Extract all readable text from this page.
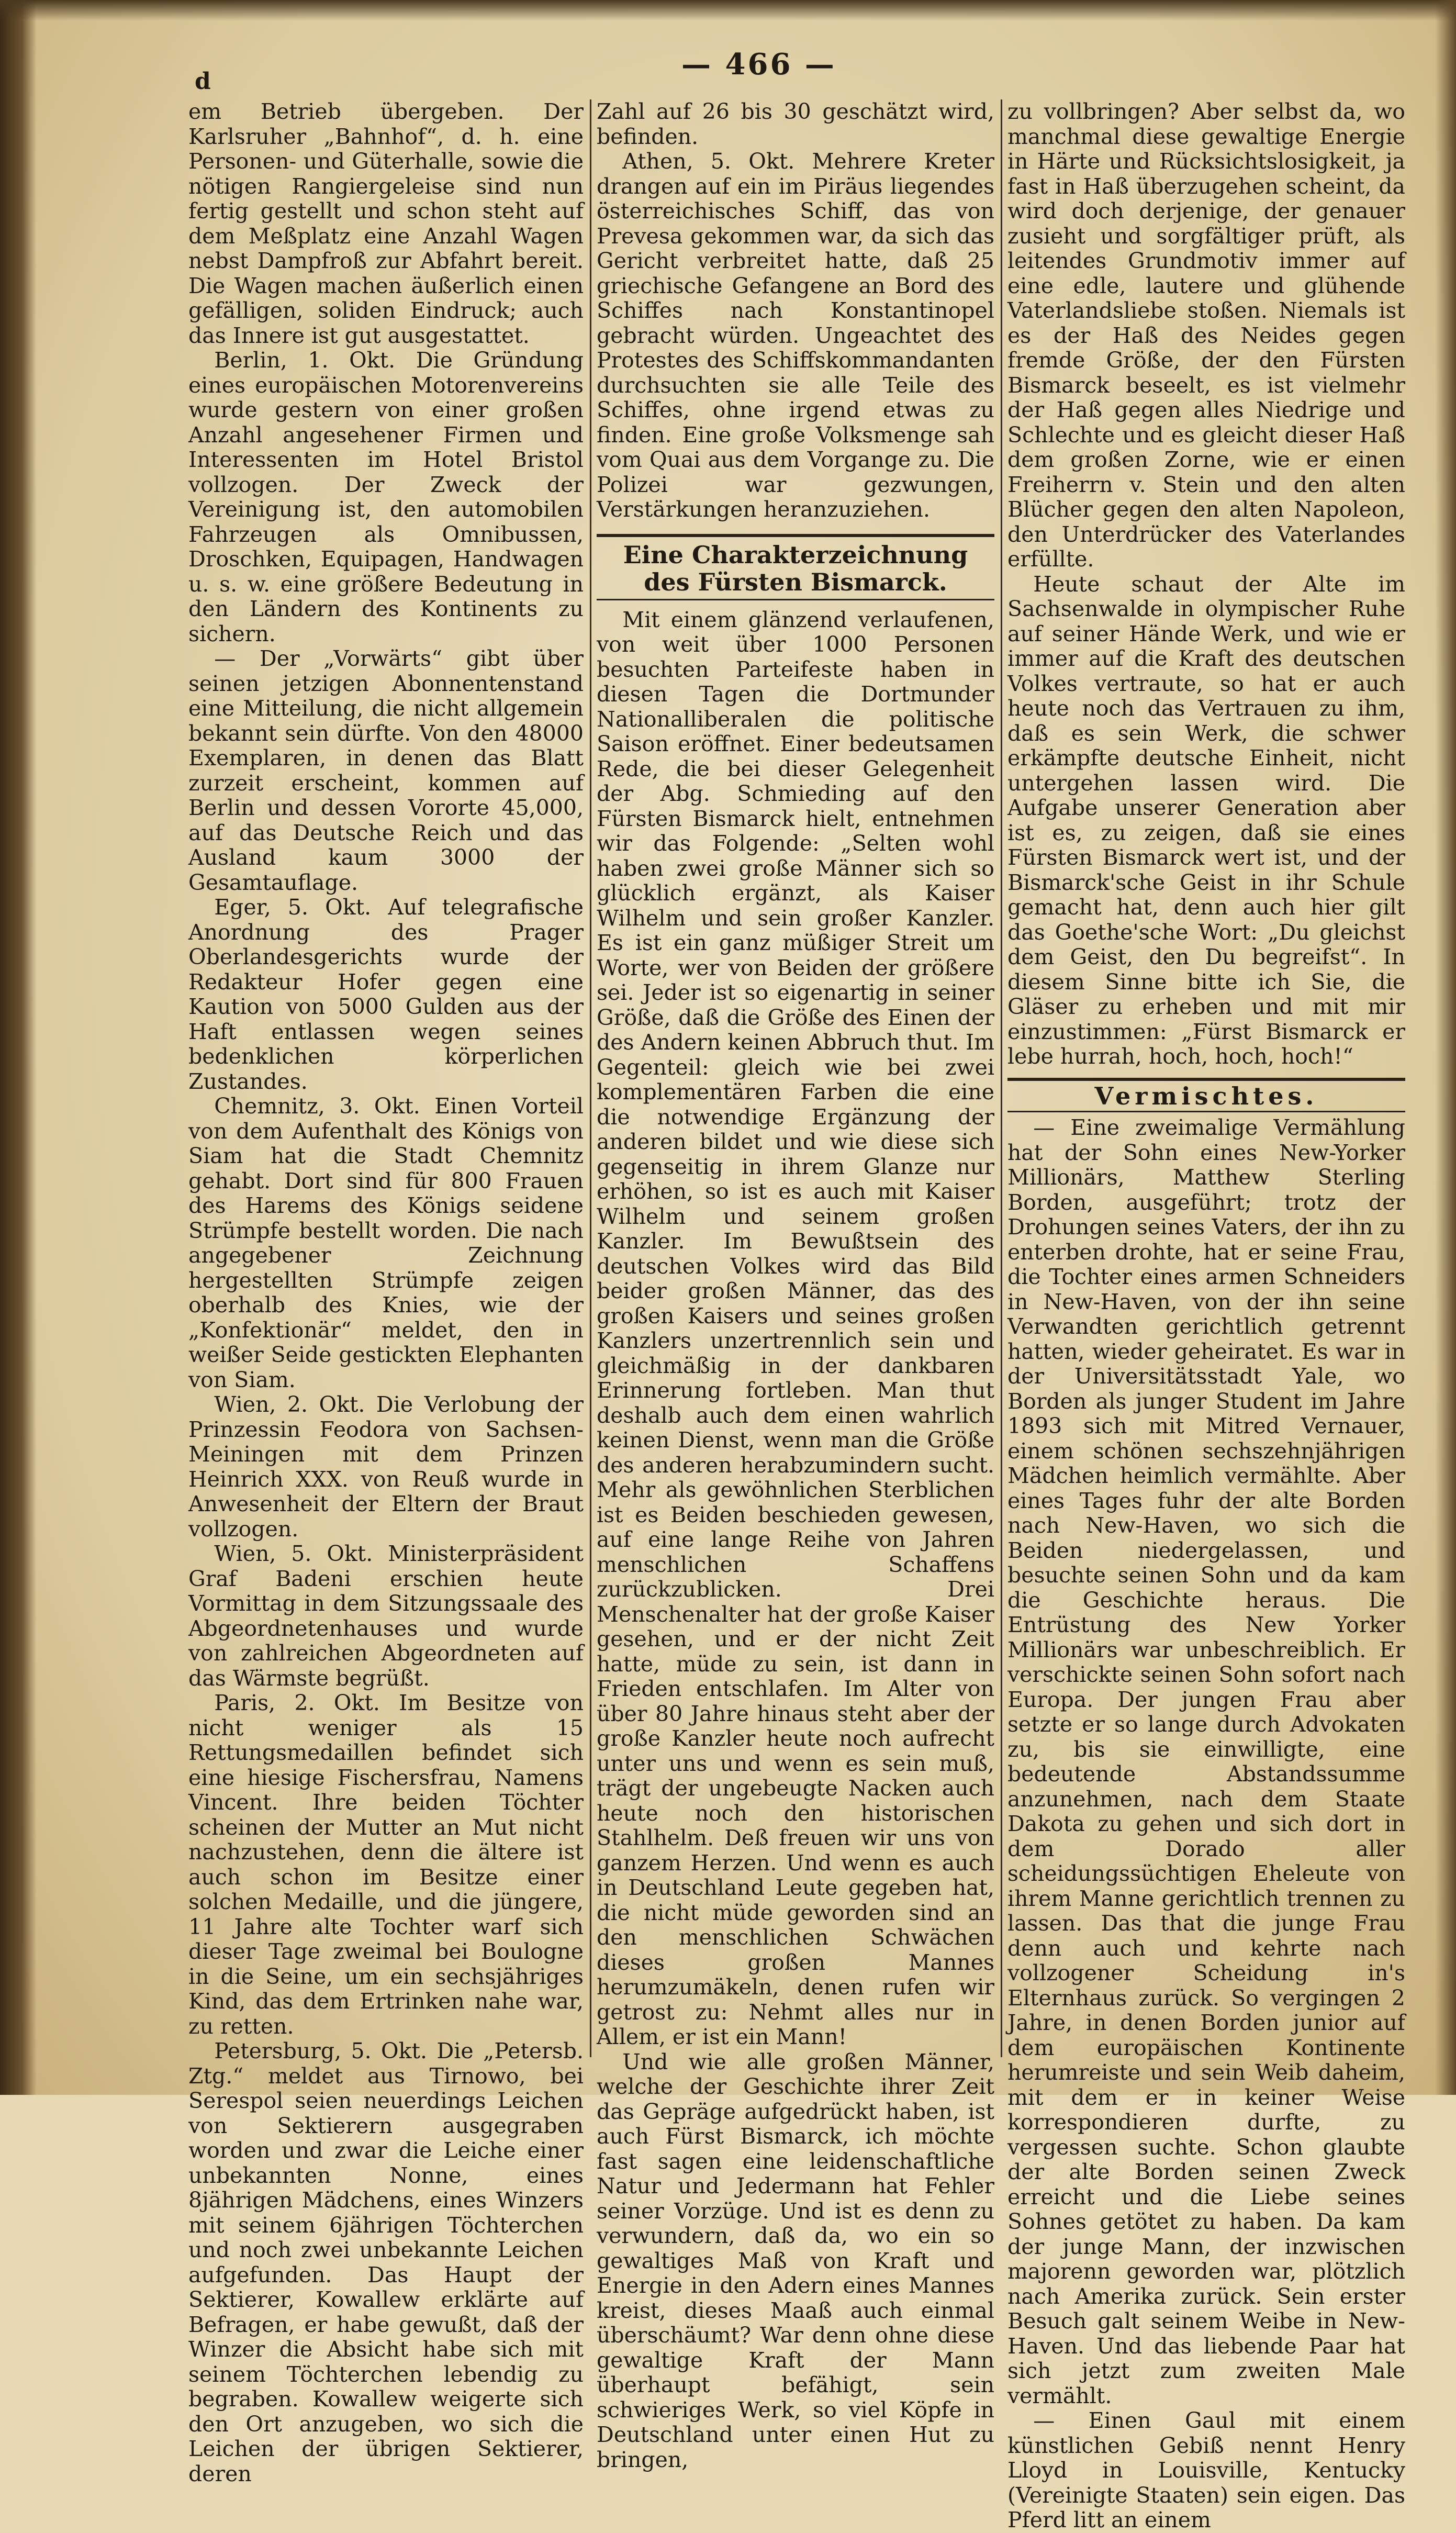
d	— 466 —

em Betrieb übergeben. Der Karlsruher „Bahnhof“, d. h. eine Personen- und Güterhalle, sowie die nötigen Rangiergeleise sind nun fertig gestellt und schon steht auf dem Meßplatz eine Anzahl Wagen nebst Dampfroß zur Abfahrt bereit. Die Wagen machen äußerlich einen gefälligen, soliden Eindruck; auch das Innere ist gut ausgestattet.

Berlin, 1. Okt. Die Gründung eines europäischen Motorenvereins wurde gestern von einer großen Anzahl angesehener Firmen und Interessenten im Hotel Bristol vollzogen. Der Zweck der Vereinigung ist, den automobilen Fahrzeugen als Omnibussen, Droschken, Equipagen, Handwagen u. s. w. eine größere Bedeutung in den Ländern des Kontinents zu sichern.

— Der „Vorwärts“ gibt über seinen jetzigen Abonnentenstand eine Mitteilung, die nicht allgemein bekannt sein dürfte. Von den 48000 Exemplaren, in denen das Blatt zurzeit erscheint, kommen auf Berlin und dessen Vororte 45,000, auf das Deutsche Reich und das Ausland kaum 3000 der Gesamtauflage.

Eger, 5. Okt. Auf telegrafische Anordnung des Prager Oberlandesgerichts wurde der Redakteur Hofer gegen eine Kaution von 5000 Gulden aus der Haft entlassen wegen seines bedenklichen körperlichen Zustandes.

Chemnitz, 3. Okt. Einen Vorteil von dem Aufenthalt des Königs von Siam hat die Stadt Chemnitz gehabt. Dort sind für 800 Frauen des Harems des Königs seidene Strümpfe bestellt worden. Die nach angegebener Zeichnung hergestellten Strümpfe zeigen oberhalb des Knies, wie der „Konfektionär“ meldet, den in weißer Seide gestickten Elephanten von Siam.

Wien, 2. Okt. Die Verlobung der Prinzessin Feodora von Sachsen-Meiningen mit dem Prinzen Heinrich XXX. von Reuß wurde in Anwesenheit der Eltern der Braut vollzogen.

Wien, 5. Okt. Ministerpräsident Graf Badeni erschien heute Vormittag in dem Sitzungssaale des Abgeordnetenhauses und wurde von zahlreichen Abgeordneten auf das Wärmste begrüßt.

Paris, 2. Okt. Im Besitze von nicht weniger als 15 Rettungsmedaillen befindet sich eine hiesige Fischersfrau, Namens Vincent. Ihre beiden Töchter scheinen der Mutter an Mut nicht nachzustehen, denn die ältere ist auch schon im Besitze einer solchen Medaille, und die jüngere, 11 Jahre alte Tochter warf sich dieser Tage zweimal bei Boulogne in die Seine, um ein sechsjähriges Kind, das dem Ertrinken nahe war, zu retten.

Petersburg, 5. Okt. Die „Petersb. Ztg.“ meldet aus Tirnowo, bei Serespol seien neuerdings Leichen von Sektierern ausgegraben worden und zwar die Leiche einer unbekannten Nonne, eines 8jährigen Mädchens, eines Winzers mit seinem 6jährigen Töchterchen und noch zwei unbekannte Leichen aufgefunden. Das Haupt der Sektierer, Kowallew erklärte auf Befragen, er habe gewußt, daß der Winzer die Absicht habe sich mit seinem Töchterchen lebendig zu begraben. Kowallew weigerte sich den Ort anzugeben, wo sich die Leichen der übrigen Sektierer, deren

Zahl auf 26 bis 30 geschätzt wird, befinden.

Athen, 5. Okt. Mehrere Kreter drangen auf ein im Piräus liegendes österreichisches Schiff, das von Prevesa gekommen war, da sich das Gericht verbreitet hatte, daß 25 griechische Gefangene an Bord des Schiffes nach Konstantinopel gebracht würden. Ungeachtet des Protestes des Schiffskommandanten durchsuchten sie alle Teile des Schiffes, ohne irgend etwas zu finden. Eine große Volksmenge sah vom Quai aus dem Vorgange zu. Die Polizei war gezwungen, Verstärkungen heranzuziehen.

Eine Charakterzeichnung des Fürsten Bismarck.

Mit einem glänzend verlaufenen, von weit über 1000 Personen besuchten Parteifeste haben in diesen Tagen die Dortmunder Nationalliberalen die politische Saison eröffnet. Einer bedeutsamen Rede, die bei dieser Gelegenheit der Abg. Schmieding auf den Fürsten Bismarck hielt, entnehmen wir das Folgende: „Selten wohl haben zwei große Männer sich so glücklich ergänzt, als Kaiser Wilhelm und sein großer Kanzler. Es ist ein ganz müßiger Streit um Worte, wer von Beiden der größere sei. Jeder ist so eigenartig in seiner Größe, daß die Größe des Einen der des Andern keinen Abbruch thut. Im Gegenteil: gleich wie bei zwei komplementären Farben die eine die notwendige Ergänzung der anderen bildet und wie diese sich gegenseitig in ihrem Glanze nur erhöhen, so ist es auch mit Kaiser Wilhelm und seinem großen Kanzler. Im Bewußtsein des deutschen Volkes wird das Bild beider großen Männer, das des großen Kaisers und seines großen Kanzlers unzertrennlich sein und gleichmäßig in der dankbaren Erinnerung fortleben. Man thut deshalb auch dem einen wahrlich keinen Dienst, wenn man die Größe des anderen herabzumindern sucht. Mehr als gewöhnlichen Sterblichen ist es Beiden beschieden gewesen, auf eine lange Reihe von Jahren menschlichen Schaffens zurückzublicken. Drei Menschenalter hat der große Kaiser gesehen, und er der nicht Zeit hatte, müde zu sein, ist dann in Frieden entschlafen. Im Alter von über 80 Jahre hinaus steht aber der große Kanzler heute noch aufrecht unter uns und wenn es sein muß, trägt der ungebeugte Nacken auch heute noch den historischen Stahlhelm. Deß freuen wir uns von ganzem Herzen. Und wenn es auch in Deutschland Leute gegeben hat, die nicht müde geworden sind an den menschlichen Schwächen dieses großen Mannes herumzumäkeln, denen rufen wir getrost zu: Nehmt alles nur in Allem, er ist ein Mann!

Und wie alle großen Männer, welche der Geschichte ihrer Zeit das Gepräge aufgedrückt haben, ist auch Fürst Bismarck, ich möchte fast sagen eine leidenschaftliche Natur und Jedermann hat Fehler seiner Vorzüge. Und ist es denn zu verwundern, daß da, wo ein so gewaltiges Maß von Kraft und Energie in den Adern eines Mannes kreist, dieses Maaß auch einmal überschäumt? War denn ohne diese gewaltige Kraft der Mann überhaupt befähigt, sein schwieriges Werk, so viel Köpfe in Deutschland unter einen Hut zu bringen,

zu vollbringen? Aber selbst da, wo manchmal diese gewaltige Energie in Härte und Rücksichtslosigkeit, ja fast in Haß überzugehen scheint, da wird doch derjenige, der genauer zusieht und sorgfältiger prüft, als leitendes Grundmotiv immer auf eine edle, lautere und glühende Vaterlandsliebe stoßen. Niemals ist es der Haß des Neides gegen fremde Größe, der den Fürsten Bismarck beseelt, es ist vielmehr der Haß gegen alles Niedrige und Schlechte und es gleicht dieser Haß dem großen Zorne, wie er einen Freiherrn v. Stein und den alten Blücher gegen den alten Napoleon, den Unterdrücker des Vaterlandes erfüllte.

Heute schaut der Alte im Sachsenwalde in olympischer Ruhe auf seiner Hände Werk, und wie er immer auf die Kraft des deutschen Volkes vertraute, so hat er auch heute noch das Vertrauen zu ihm, daß es sein Werk, die schwer erkämpfte deutsche Einheit, nicht untergehen lassen wird. Die Aufgabe unserer Generation aber ist es, zu zeigen, daß sie eines Fürsten Bismarck wert ist, und der Bismarck'sche Geist in ihr Schule gemacht hat, denn auch hier gilt das Goethe'sche Wort: „Du gleichst dem Geist, den Du begreifst“. In diesem Sinne bitte ich Sie, die Gläser zu erheben und mit mir einzustimmen: „Fürst Bismarck er lebe hurrah, hoch, hoch, hoch!“

Vermischtes.

— Eine zweimalige Vermählung hat der Sohn eines New-Yorker Millionärs, Matthew Sterling Borden, ausgeführt; trotz der Drohungen seines Vaters, der ihn zu enterben drohte, hat er seine Frau, die Tochter eines armen Schneiders in New-Haven, von der ihn seine Verwandten gerichtlich getrennt hatten, wieder geheiratet. Es war in der Universitätsstadt Yale, wo Borden als junger Student im Jahre 1893 sich mit Mitred Vernauer, einem schönen sechszehnjährigen Mädchen heimlich vermählte. Aber eines Tages fuhr der alte Borden nach New-Haven, wo sich die Beiden niedergelassen, und besuchte seinen Sohn und da kam die Geschichte heraus. Die Entrüstung des New Yorker Millionärs war unbeschreiblich. Er verschickte seinen Sohn sofort nach Europa. Der jungen Frau aber setzte er so lange durch Advokaten zu, bis sie einwilligte, eine bedeutende Abstandssumme anzunehmen, nach dem Staate Dakota zu gehen und sich dort in dem Dorado aller scheidungssüchtigen Eheleute von ihrem Manne gerichtlich trennen zu lassen. Das that die junge Frau denn auch und kehrte nach vollzogener Scheidung in's Elternhaus zurück. So vergingen 2 Jahre, in denen Borden junior auf dem europäischen Kontinente herumreiste und sein Weib daheim, mit dem er in keiner Weise korrespondieren durfte, zu vergessen suchte. Schon glaubte der alte Borden seinen Zweck erreicht und die Liebe seines Sohnes getötet zu haben. Da kam der junge Mann, der inzwischen majorenn geworden war, plötzlich nach Amerika zurück. Sein erster Besuch galt seinem Weibe in New-Haven. Und das liebende Paar hat sich jetzt zum zweiten Male vermählt.

— Einen Gaul mit einem künstlichen Gebiß nennt Henry Lloyd in Louisville, Kentucky (Vereinigte Staaten) sein eigen. Das Pferd litt an einem
